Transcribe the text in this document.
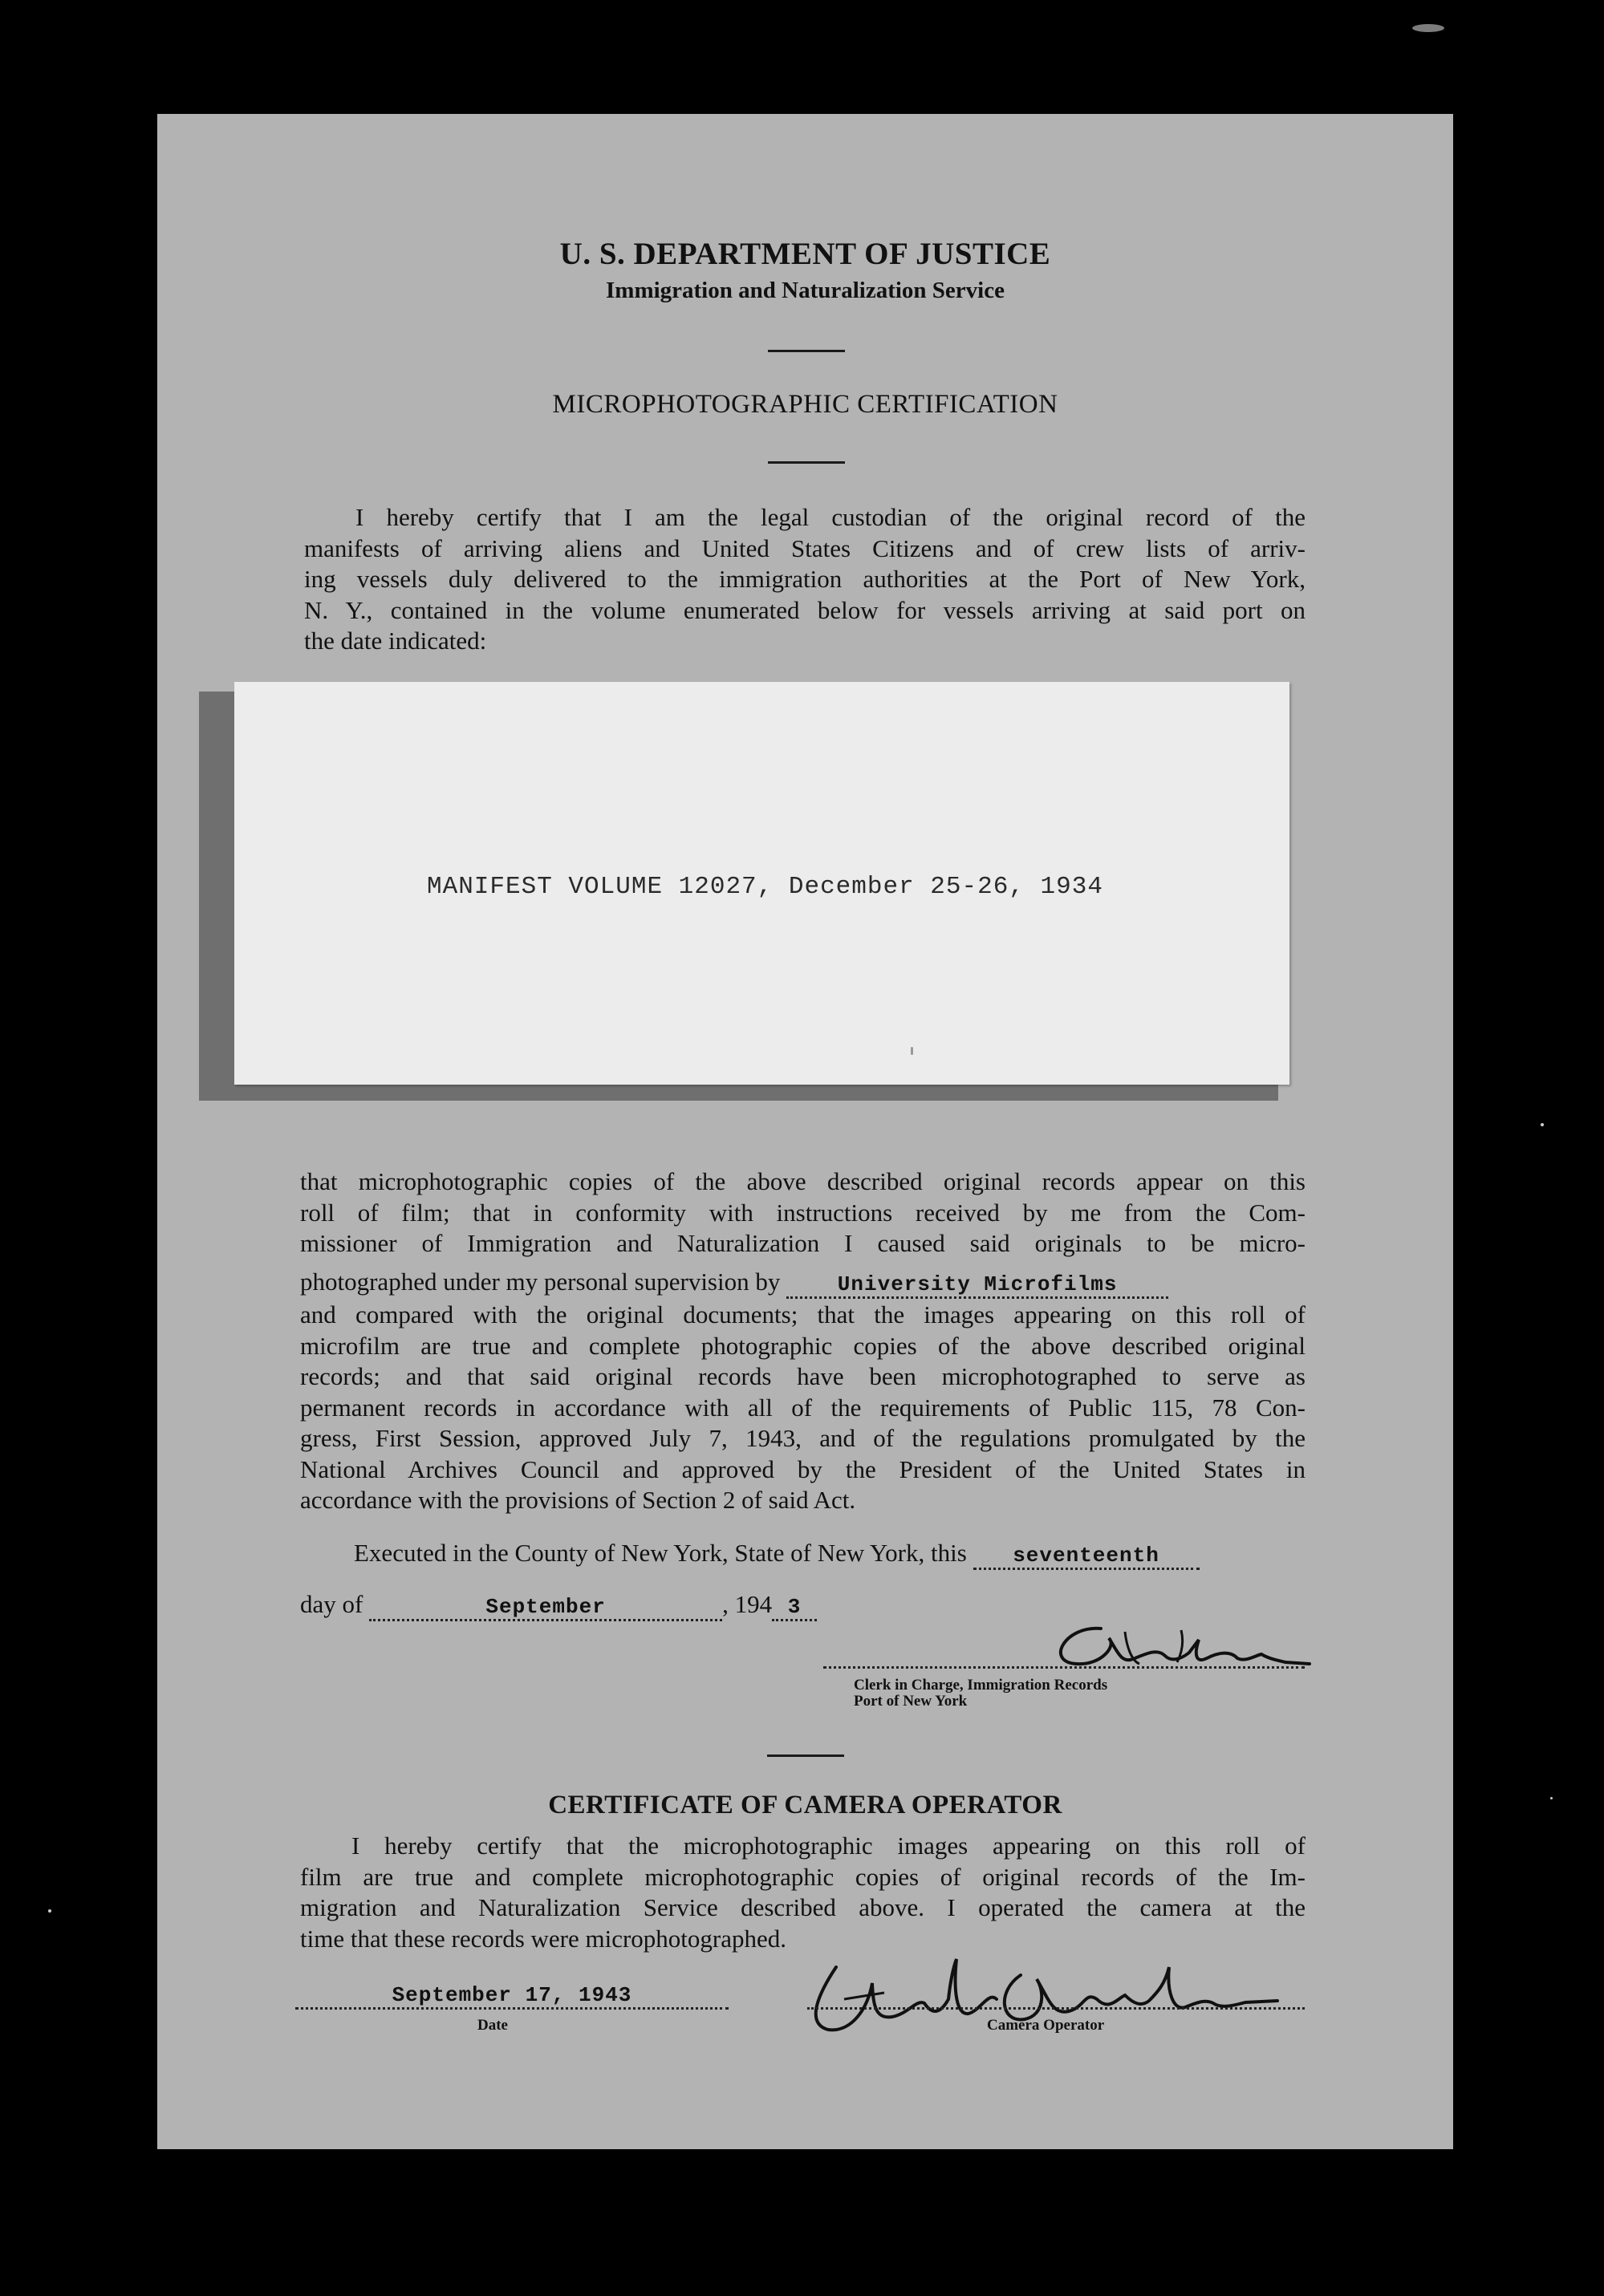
U. S. DEPARTMENT OF JUSTICE
Immigration and Naturalization Service
MICROPHOTOGRAPHIC CERTIFICATION
I hereby certify that I am the legal custodian of the original record of the
manifests of arriving aliens and United States Citizens and of crew lists of arriv-
ing vessels duly delivered to the immigration authorities at the Port of New York,
N. Y., contained in the volume enumerated below for vessels arriving at said port on
the date indicated:
MANIFEST VOLUME 12027, December 25-26, 1934
that microphotographic copies of the above described original records appear on this
roll of film; that in conformity with instructions received by me from the Com-
missioner of Immigration and Naturalization I caused said originals to be micro-
photographed under my personal supervision by	University Microfilms
and compared with the original documents; that the images appearing on this roll of
microfilm are true and complete photographic copies of the above described original
records; and that said original records have been microphotographed to serve as
permanent records in accordance with all of the requirements of Public 115, 78 Con-
gress, First Session, approved July 7, 1943, and of the regulations promulgated by the
National Archives Council and approved by the President of the United States in
accordance with the provisions of Section 2 of said Act.
Executed in the County of New York, State of New York, this seventeenth
day of	September	, 194 3
Clerk in Charge, Immigration Records
Port of New York
CERTIFICATE OF CAMERA OPERATOR
I hereby certify that the microphotographic images appearing on this roll of
film are true and complete microphotographic copies of original records of the Im-
migration and Naturalization Service described above. I operated the camera at the
time that these records were microphotographed.
September 17, 1943
Date	Camera Operator
